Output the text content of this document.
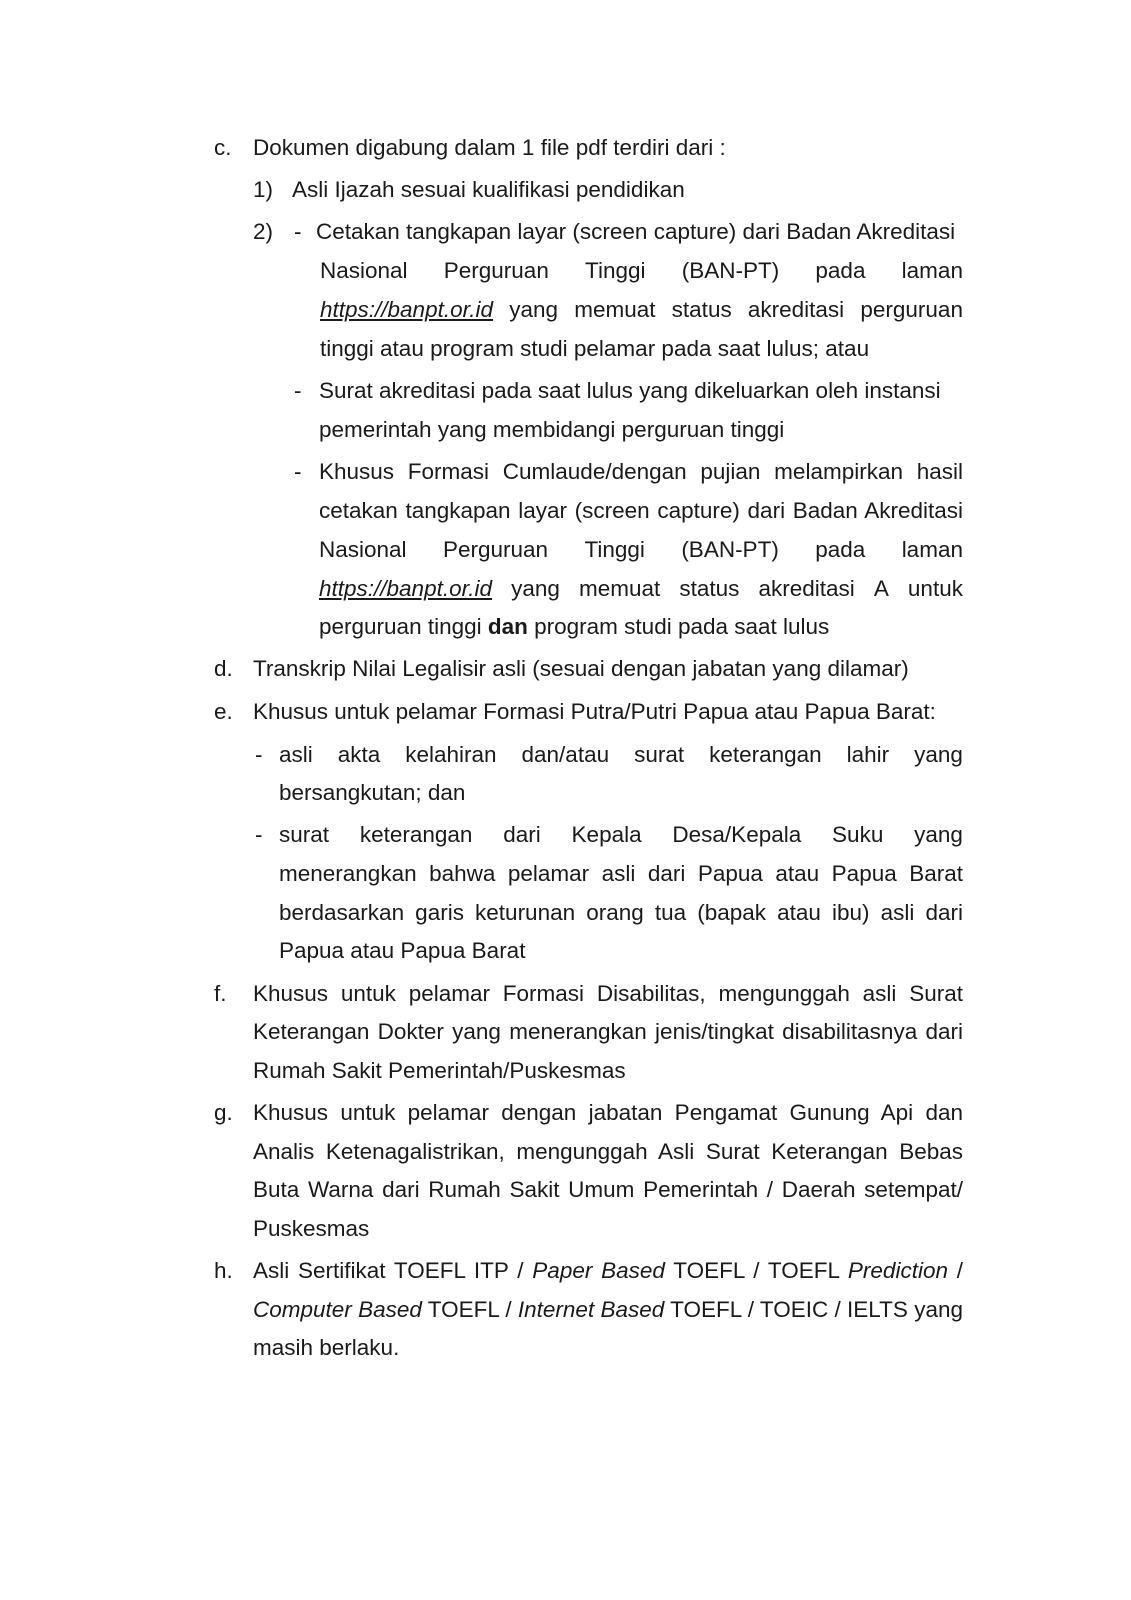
c. Dokumen digabung dalam 1 file pdf terdiri dari :
1) Asli Ijazah sesuai kualifikasi pendidikan
2) - Cetakan tangkapan layar (screen capture) dari Badan Akreditasi
Nasional Perguruan Tinggi (BAN-PT) pada laman
https://banpt.or.id yang memuat status akreditasi perguruan
tinggi atau program studi pelamar pada saat lulus; atau
- Surat akreditasi pada saat lulus yang dikeluarkan oleh instansi
pemerintah yang membidangi perguruan tinggi
- Khusus Formasi Cumlaude/dengan pujian melampirkan hasil
cetakan tangkapan layar (screen capture) dari Badan Akreditasi
Nasional Perguruan Tinggi (BAN-PT) pada laman
https://banpt.or.id yang memuat status akreditasi A untuk
perguruan tinggi dan program studi pada saat lulus
d. Transkrip Nilai Legalisir asli (sesuai dengan jabatan yang dilamar)
e. Khusus untuk pelamar Formasi Putra/Putri Papua atau Papua Barat:
- asli akta kelahiran dan/atau surat keterangan lahir yang
bersangkutan; dan
- surat keterangan dari Kepala Desa/Kepala Suku yang
menerangkan bahwa pelamar asli dari Papua atau Papua Barat
berdasarkan garis keturunan orang tua (bapak atau ibu) asli dari
Papua atau Papua Barat
f. Khusus untuk pelamar Formasi Disabilitas, mengunggah asli Surat
Keterangan Dokter yang menerangkan jenis/tingkat disabilitasnya dari
Rumah Sakit Pemerintah/Puskesmas
g. Khusus untuk pelamar dengan jabatan Pengamat Gunung Api dan
Analis Ketenagalistrikan, mengunggah Asli Surat Keterangan Bebas
Buta Warna dari Rumah Sakit Umum Pemerintah / Daerah setempat/
Puskesmas
h. Asli Sertifikat TOEFL ITP / Paper Based TOEFL / TOEFL Prediction /
Computer Based TOEFL / Internet Based TOEFL / TOEIC / IELTS yang
masih berlaku.
